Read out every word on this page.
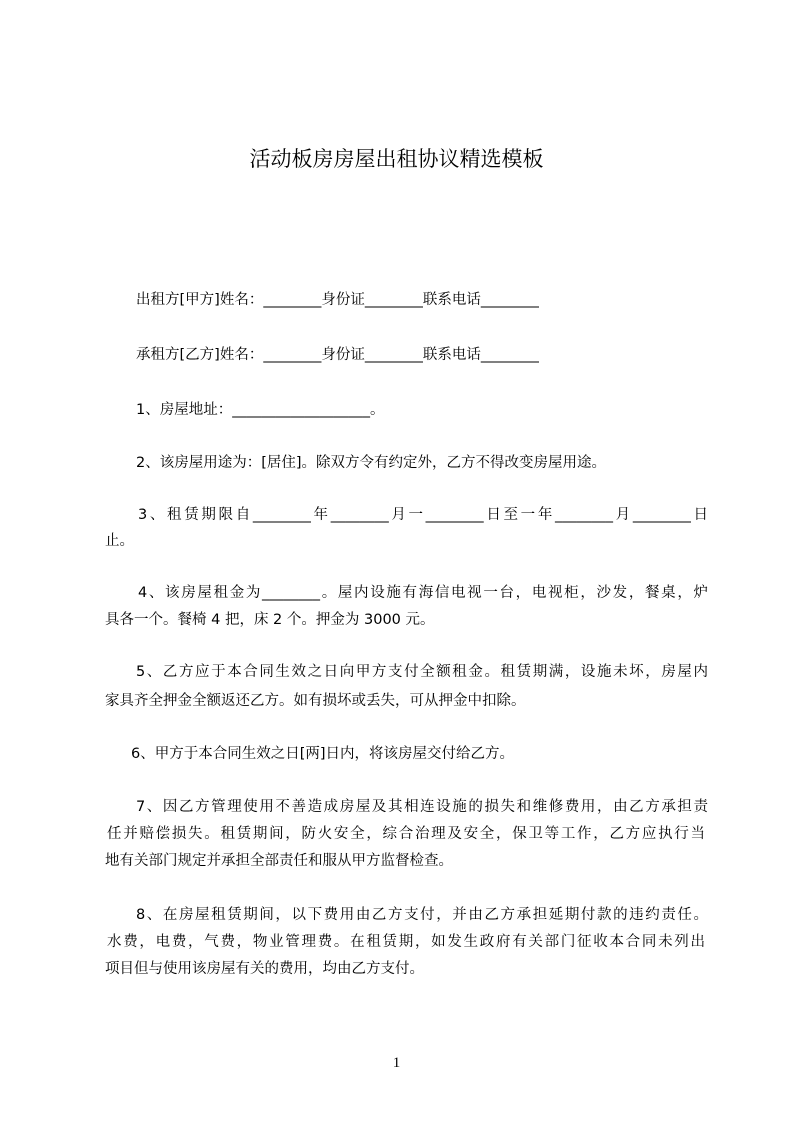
活动板房房屋出租协议精选模板
出租方[甲方]姓名：________身份证________联系电话________
承租方[乙方]姓名：________身份证________联系电话________
1、房屋地址：___________________。
2、该房屋用途为：[居住]。除双方令有约定外，乙方不得改变房屋用途。
3、租赁期限自________年________月一________日至一年________月________日
止。
4、该房屋租金为________。屋内设施有海信电视一台，电视柜，沙发，餐桌，炉
具各一个。餐椅 4 把，床 2 个。押金为 3000 元。
5、乙方应于本合同生效之日向甲方支付全额租金。租赁期满，设施未坏，房屋内
家具齐全押金全额返还乙方。如有损坏或丢失，可从押金中扣除。
6、甲方于本合同生效之日[两]日内，将该房屋交付给乙方。
7、因乙方管理使用不善造成房屋及其相连设施的损失和维修费用，由乙方承担责
任并赔偿损失。租赁期间，防火安全，综合治理及安全，保卫等工作，乙方应执行当
地有关部门规定并承担全部责任和服从甲方监督检查。
8、在房屋租赁期间，以下费用由乙方支付，并由乙方承担延期付款的违约责任。
水费，电费，气费，物业管理费。在租赁期，如发生政府有关部门征收本合同未列出
项目但与使用该房屋有关的费用，均由乙方支付。
1
